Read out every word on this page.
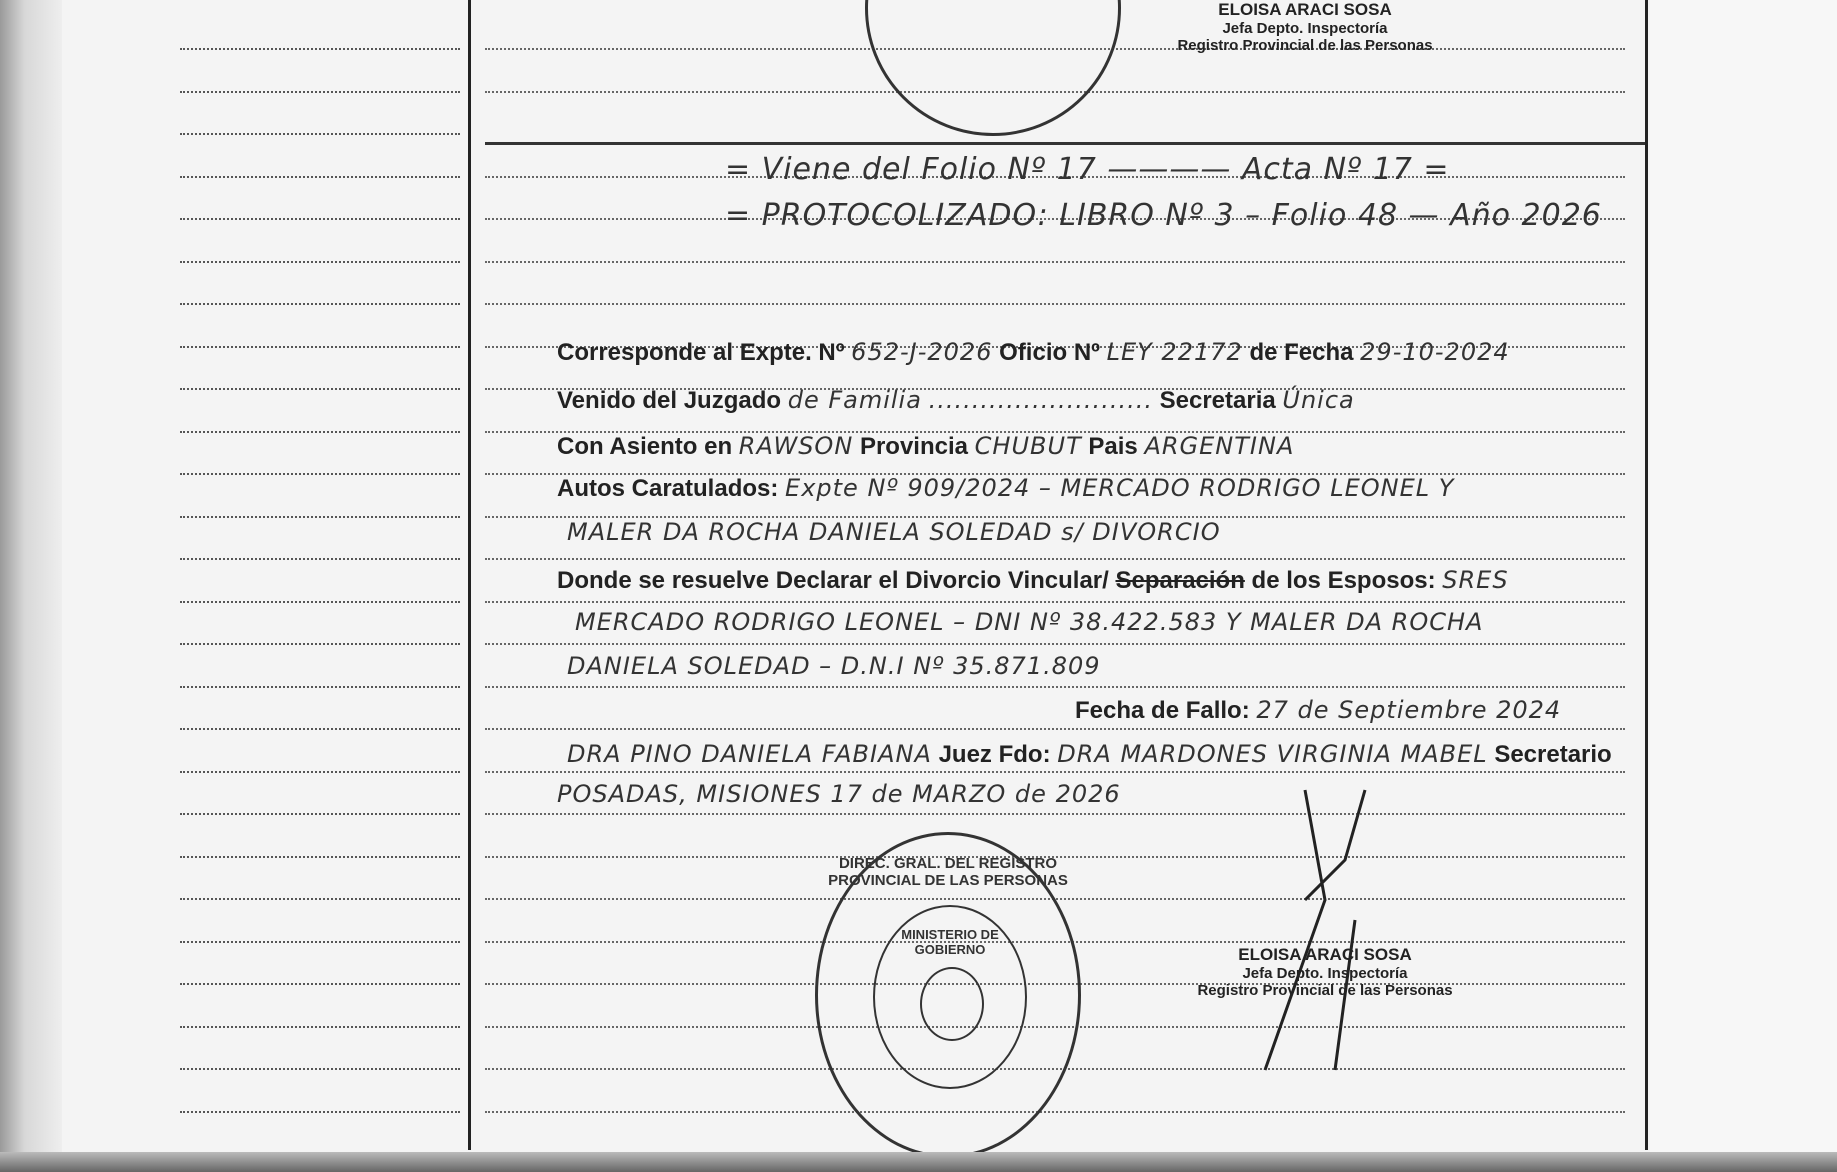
ELOISA ARACI SOSA
Jefa Depto. Inspectoría
Registro Provincial de las Personas
= Viene del Folio Nº 17 ———— Acta Nº 17 =
= PROTOCOLIZADO: LIBRO Nº 3 – Folio 48 — Año 2026
Corresponde al Expte. Nº 652-J-2026 Oficio Nº LEY 22172 de Fecha 29-10-2024
Venido del Juzgado de Familia .......................... Secretaria Única
Con Asiento en RAWSON Provincia CHUBUT Pais ARGENTINA
Autos Caratulados: Expte Nº 909/2024 – MERCADO RODRIGO LEONEL Y
MALER DA ROCHA DANIELA SOLEDAD s/ DIVORCIO
Donde se resuelve Declarar el Divorcio Vincular/ Separación de los Esposos: SRES
MERCADO RODRIGO LEONEL – DNI Nº 38.422.583 Y MALER DA ROCHA
DANIELA SOLEDAD – D.N.I Nº 35.871.809
Fecha de Fallo: 27 de Septiembre 2024
DRA PINO DANIELA FABIANA Juez Fdo: DRA MARDONES VIRGINIA MABEL Secretario
POSADAS, MISIONES 17 de MARZO de 2026
DIREC. GRAL. DEL REGISTRO PROVINCIAL DE LAS PERSONAS
MINISTERIO DE GOBIERNO	ELOISA ARACI SOSA
Jefa Depto. Inspectoría
Registro Provincial de las Personas
